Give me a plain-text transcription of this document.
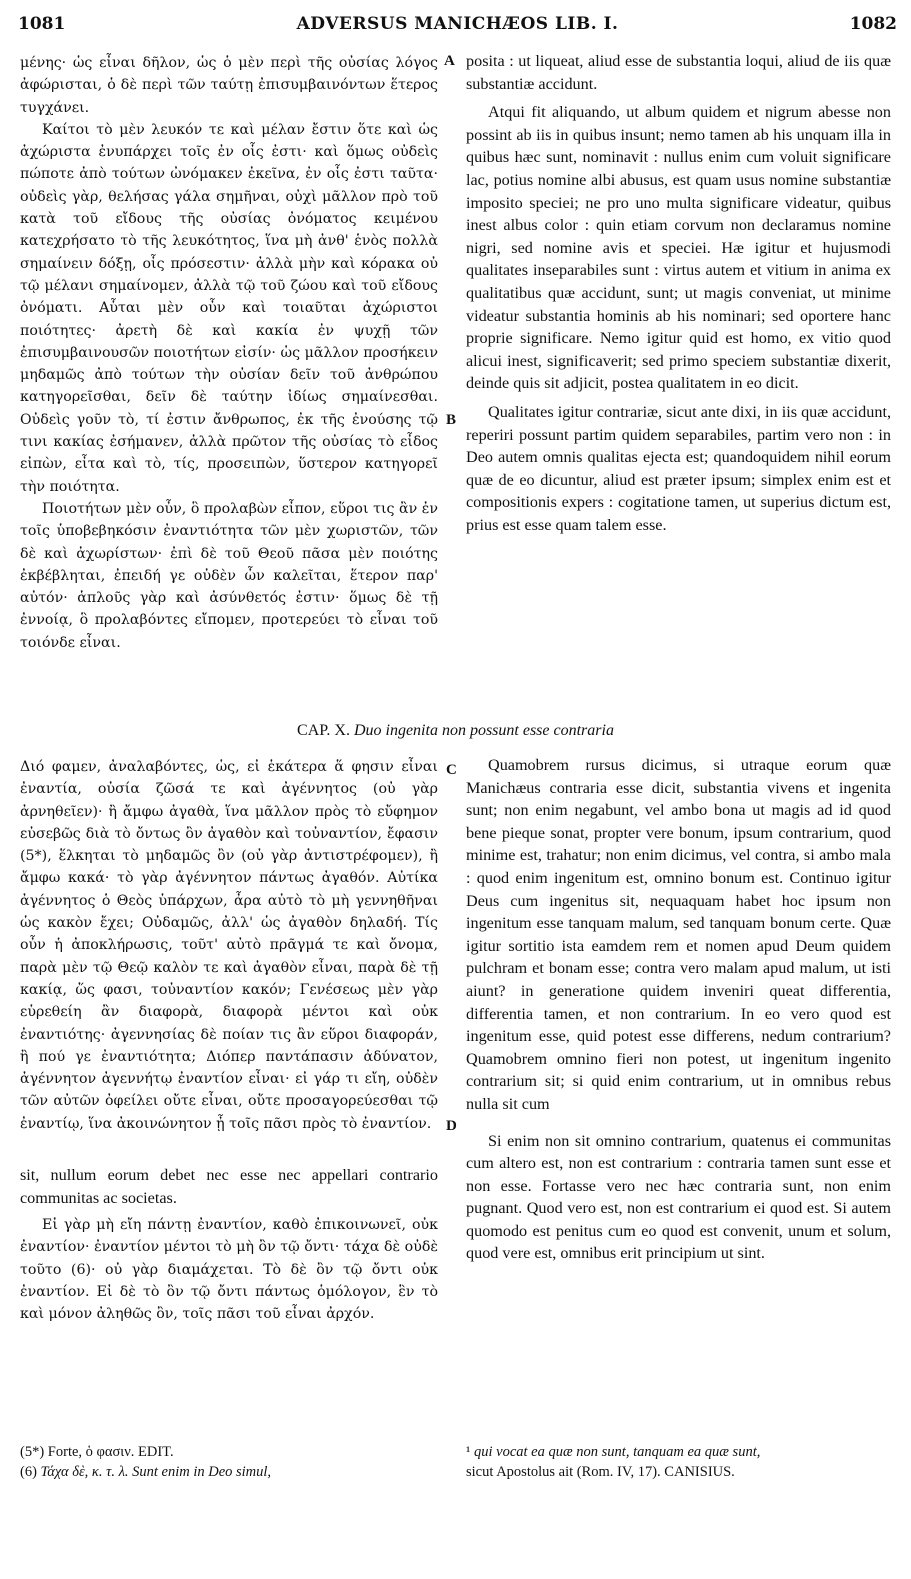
1081	ADVERSUS MANICHÆOS LIB. I.	1082

μένης· ὡς εἶναι δῆλον, ὡς ὁ μὲν περὶ τῆς οὐσίας λόγος ἀφώρισται, ὁ δὲ περὶ τῶν ταύτῃ ἐπισυμβαινόντων ἕτερος τυγχάνει.

Καίτοι τὸ μὲν λευκόν τε καὶ μέλαν ἔστιν ὅτε καὶ ὡς ἀχώριστα ἐνυπάρχει τοῖς ἐν οἷς ἐστι· καὶ ὅμως οὐδεὶς πώποτε ἀπὸ τούτων ὠνόμακεν ἐκεῖνα, ἐν οἷς ἐστι ταῦτα· οὐδεὶς γὰρ, θελήσας γάλα σημῆναι, οὐχὶ μᾶλλον πρὸ τοῦ κατὰ τοῦ εἴδους τῆς οὐσίας ὀνόματος κειμένου κατεχρήσατο τὸ τῆς λευκότητος, ἵνα μὴ ἀνθ' ἑνὸς πολλὰ σημαίνειν δόξῃ, οἷς πρόσεστιν· ἀλλὰ μὴν καὶ κόρακα οὐ τῷ μέλανι σημαίνομεν, ἀλλὰ τῷ τοῦ ζώου καὶ τοῦ εἴδους ὀνόματι. Αὗται μὲν οὖν καὶ τοιαῦται ἀχώριστοι ποιότητες· ἀρετὴ δὲ καὶ κακία ἐν ψυχῇ τῶν ἐπισυμβαινουσῶν ποιοτήτων εἰσίν· ὡς μᾶλλον προσήκειν μηδαμῶς ἀπὸ τούτων τὴν οὐσίαν δεῖν τοῦ ἀνθρώπου κατηγορεῖσθαι, δεῖν δὲ ταύτην ἰδίως σημαίνεσθαι. Οὐδεὶς γοῦν τὸ, τί ἐστιν ἄνθρωπος, ἐκ τῆς ἐνούσης τῷ τινι κακίας ἐσήμανεν, ἀλλὰ πρῶτον τῆς οὐσίας τὸ εἶδος εἰπὼν, εἶτα καὶ τὸ, τίς, προσειπὼν, ὕστερον κατηγορεῖ τὴν ποιότητα.

Ποιοτήτων μὲν οὖν, ὃ προλαβὼν εἶπον, εὕροι τις ἂν ἐν τοῖς ὑποβεβηκόσιν ἐναντιότητα τῶν μὲν χωριστῶν, τῶν δὲ καὶ ἀχωρίστων· ἐπὶ δὲ τοῦ Θεοῦ πᾶσα μὲν ποιότης ἐκβέβληται, ἐπειδή γε οὐδὲν ὧν καλεῖται, ἕτερον παρ' αὐτόν· ἁπλοῦς γὰρ καὶ ἀσύνθετός ἐστιν· ὅμως δὲ τῇ ἐννοίᾳ, ὃ προλαβόντες εἴπομεν, προτερεύει τὸ εἶναι τοῦ τοιόνδε εἶναι.

A
B

posita : ut liqueat, aliud esse de substantia loqui, aliud de iis quæ substantiæ accidunt.

Atqui fit aliquando, ut album quidem et nigrum abesse non possint ab iis in quibus insunt; nemo tamen ab his unquam illa in quibus hæc sunt, nominavit : nullus enim cum voluit significare lac, potius nomine albi abusus, est quam usus nomine substantiæ imposito speciei; ne pro uno multa significare videatur, quibus inest albus color : quin etiam corvum non declaramus nomine nigri, sed nomine avis et speciei. Hæ igitur et hujusmodi qualitates inseparabiles sunt : virtus autem et vitium in anima ex qualitatibus quæ accidunt, sunt; ut magis conveniat, ut minime videatur substantia hominis ab his nominari; sed oportere hanc proprie significare. Nemo igitur quid est homo, ex vitio quod alicui inest, significaverit; sed primo speciem substantiæ dixerit, deinde quis sit adjicit, postea qualitatem in eo dicit.

Qualitates igitur contrariæ, sicut ante dixi, in iis quæ accidunt, reperiri possunt partim quidem separabiles, partim vero non : in Deo autem omnis qualitas ejecta est; quandoquidem nihil eorum quæ de eo dicuntur, aliud est præter ipsum; simplex enim est et compositionis expers : cogitatione tamen, ut superius dictum est, prius est esse quam talem esse.

CAP. X. Duo ingenita non possunt esse contraria
C
D

Διό φαμεν, ἀναλαβόντες, ὡς, εἰ ἑκάτερα ἅ φησιν εἶναι ἐναντία, οὐσία ζῶσά τε καὶ ἀγέννητος (οὐ γὰρ ἀρνηθεῖεν)· ἢ ἄμφω ἀγαθὰ, ἵνα μᾶλλον πρὸς τὸ εὔφημον εὐσεβῶς διὰ τὸ ὄντως ὂν ἀγαθὸν καὶ τοὐναντίον, ἔφασιν (5*), ἕλκηται τὸ μηδαμῶς ὂν (οὐ γὰρ ἀντιστρέφομεν), ἢ ἄμφω κακά· τὸ γὰρ ἀγέννητον πάντως ἀγαθόν. Αὐτίκα ἀγέννητος ὁ Θεὸς ὑπάρχων, ἆρα αὐτὸ τὸ μὴ γεννηθῆναι ὡς κακὸν ἔχει; Οὐδαμῶς, ἀλλ' ὡς ἀγαθὸν δηλαδή. Τίς οὖν ἡ ἀποκλήρωσις, τοῦτ' αὐτὸ πρᾶγμά τε καὶ ὄνομα, παρὰ μὲν τῷ Θεῷ καλὸν τε καὶ ἀγαθὸν εἶναι, παρὰ δὲ τῇ κακίᾳ, ὥς φασι, τοὐναντίον κακόν; Γενέσεως μὲν γὰρ εὑρεθείη ἂν διαφορὰ, διαφορὰ μέντοι καὶ οὐκ ἐναντιότης· ἀγεννησίας δὲ ποίαν τις ἂν εὕροι διαφοράν, ἢ πού γε ἐναντιότητα; Διόπερ παντάπασιν ἀδύνατον, ἀγέννητον ἀγεννήτῳ ἐναντίον εἶναι· εἰ γάρ τι εἴη, οὐδὲν τῶν αὐτῶν ὀφείλει οὔτε εἶναι, οὔτε προσαγορεύεσθαι τῷ ἐναντίῳ, ἵνα ἀκοινώνητον ᾖ τοῖς πᾶσι πρὸς τὸ ἐναντίον.

sit, nullum eorum debet nec esse nec appellari contrario communitas ac societas.

Εἰ γὰρ μὴ εἴη πάντῃ ἐναντίον, καθὸ ἐπικοινωνεῖ, οὐκ ἐναντίον· ἐναντίον μέντοι τὸ μὴ ὂν τῷ ὄντι· τάχα δὲ οὐδὲ τοῦτο (6)· οὐ γὰρ διαμάχεται. Τὸ δὲ ὂν τῷ ὄντι οὐκ ἐναντίον. Εἰ δὲ τὸ ὂν τῷ ὄντι πάντως ὁμόλογον, ἓν τὸ καὶ μόνον ἀληθῶς ὂν, τοῖς πᾶσι τοῦ εἶναι ἀρχόν.

Quamobrem rursus dicimus, si utraque eorum quæ Manichæus contraria esse dicit, substantia vivens et ingenita sunt; non enim negabunt, vel ambo bona ut magis ad id quod bene pieque sonat, propter vere bonum, ipsum contrarium, quod minime est, trahatur; non enim dicimus, vel contra, si ambo mala : quod enim ingenitum est, omnino bonum est. Continuo igitur Deus cum ingenitus sit, nequaquam habet hoc ipsum non ingenitum esse tanquam malum, sed tanquam bonum certe. Quæ igitur sortitio ista eamdem rem et nomen apud Deum quidem pulchram et bonam esse; contra vero malam apud malum, ut isti aiunt? in generatione quidem inveniri queat differentia, differentia tamen, et non contrarium. In eo vero quod est ingenitum esse, quid potest esse differens, nedum contrarium? Quamobrem omnino fieri non potest, ut ingenitum ingenito contrarium sit; si quid enim contrarium, ut in omnibus rebus nulla sit cum

Si enim non sit omnino contrarium, quatenus ei communitas cum altero est, non est contrarium : contraria tamen sunt esse et non esse. Fortasse vero nec hæc contraria sunt, non enim pugnant. Quod vero est, non est contrarium ei quod est. Si autem quomodo est penitus cum eo quod est convenit, unum et solum, quod vere est, omnibus erit principium ut sint.

(5*) Forte, ὁ φασιν. EDIT.
(6) Τάχα δὲ, κ. τ. λ. Sunt enim in Deo simul,
¹ qui vocat ea quæ non sunt, tanquam ea quæ sunt,
sicut Apostolus ait (Rom. IV, 17). CANISIUS.
